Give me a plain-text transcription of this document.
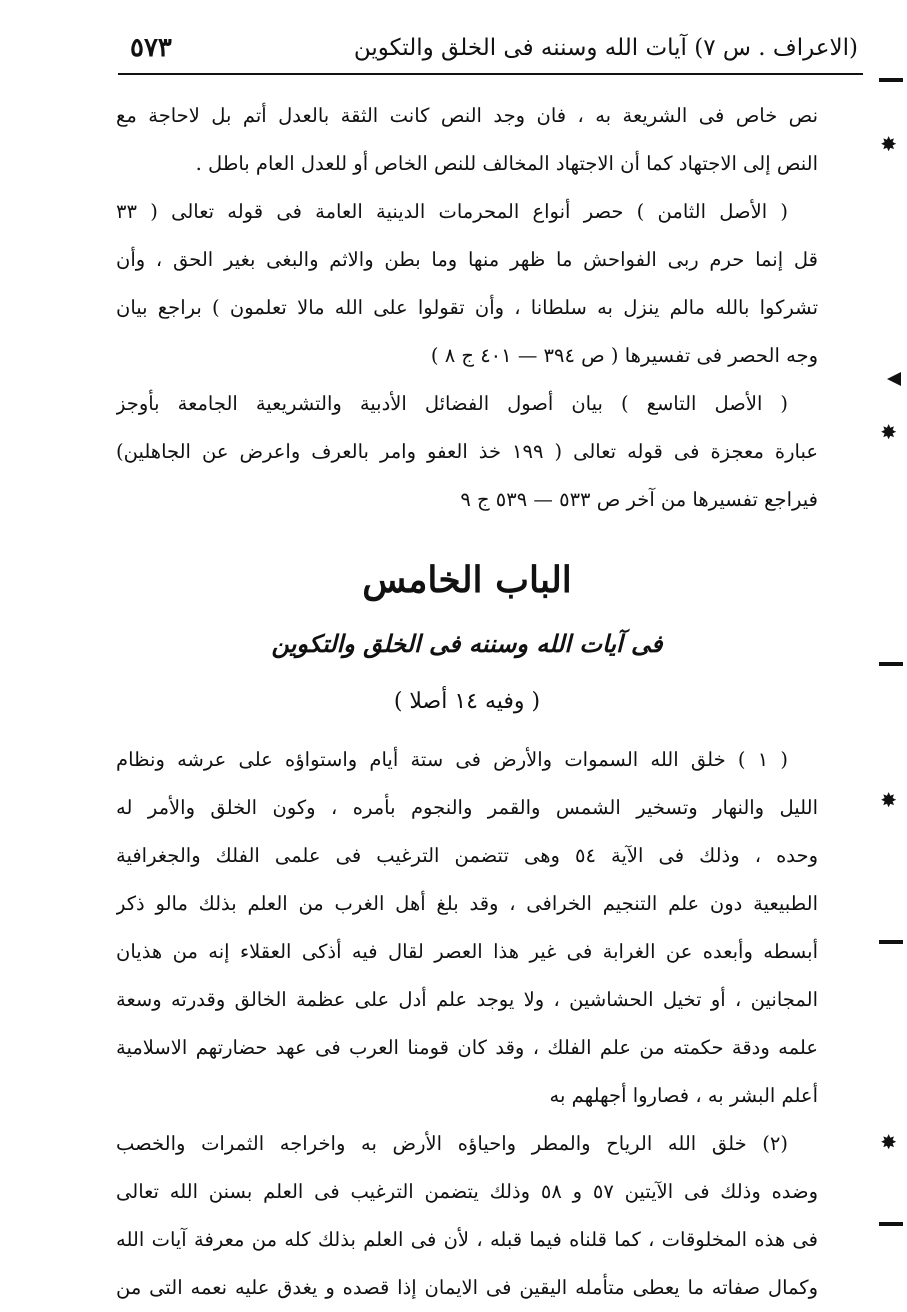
(الاعراف . س ٧) آيات الله وسننه فى الخلق والتكوين
٥٧٣
نص خاص فى الشريعة به ، فان وجد النص كانت الثقة بالعدل أتم بل لاحاجة مع
النص إلى الاجتهاد كما أن الاجتهاد المخالف للنص الخاص أو للعدل العام باطل .
( الأصل الثامن ) حصر أنواع المحرمات الدينية العامة فى قوله تعالى ( ٣٣
قل إنما حرم ربى الفواحش ما ظهر منها وما بطن والاثم والبغى بغير الحق ، وأن
تشركوا بالله مالم ينزل به سلطانا ، وأن تقولوا على الله مالا تعلمون ) براجع بيان
وجه الحصر فى تفسيرها ( ص ٣٩٤ — ٤٠١ ج ٨ )
( الأصل التاسع ) بيان أصول الفضائل الأدبية والتشريعية الجامعة بأوجز
عبارة معجزة فى قوله تعالى ( ١٩٩ خذ العفو وامر بالعرف واعرض عن الجاهلين)
فيراجع تفسيرها من آخر ص ٥٣٣ — ٥٣٩ ج ٩
الباب الخامس
فى آيات الله وسننه فى الخلق والتكوين
( وفيه ١٤ أصلا )
( ١ ) خلق الله السموات والأرض فى ستة أيام واستواؤه على عرشه ونظام
الليل والنهار وتسخير الشمس والقمر والنجوم بأمره ، وكون الخلق والأمر له
وحده ، وذلك فى الآية ٥٤ وهى تتضمن الترغيب فى علمى الفلك والجغرافية
الطبيعية دون علم التنجيم الخرافى ، وقد بلغ أهل الغرب من العلم بذلك مالو ذكر
أبسطه وأبعده عن الغرابة فى غير هذا العصر لقال فيه أذكى العقلاء إنه من هذيان
المجانين ، أو تخيل الحشاشين ، ولا يوجد علم أدل على عظمة الخالق وقدرته وسعة
علمه ودقة حكمته من علم الفلك ، وقد كان قومنا العرب فى عهد حضارتهم الاسلامية
أعلم البشر به ، فصاروا أجهلهم به
(٢) خلق الله الرياح والمطر واحياؤه الأرض به واخراجه الثمرات والخصب
وضده وذلك فى الآيتين ٥٧ و ٥٨ وذلك يتضمن الترغيب فى العلم بسنن الله تعالى
فى هذه المخلوقات ، كما قلناه فيما قبله ، لأن فى العلم بذلك كله من معرفة آيات الله
وكمال صفاته ما يعطى متأمله اليقين فى الايمان إذا قصده و يغدق عليه نعمه التى من
✸
✸
✸
✸
